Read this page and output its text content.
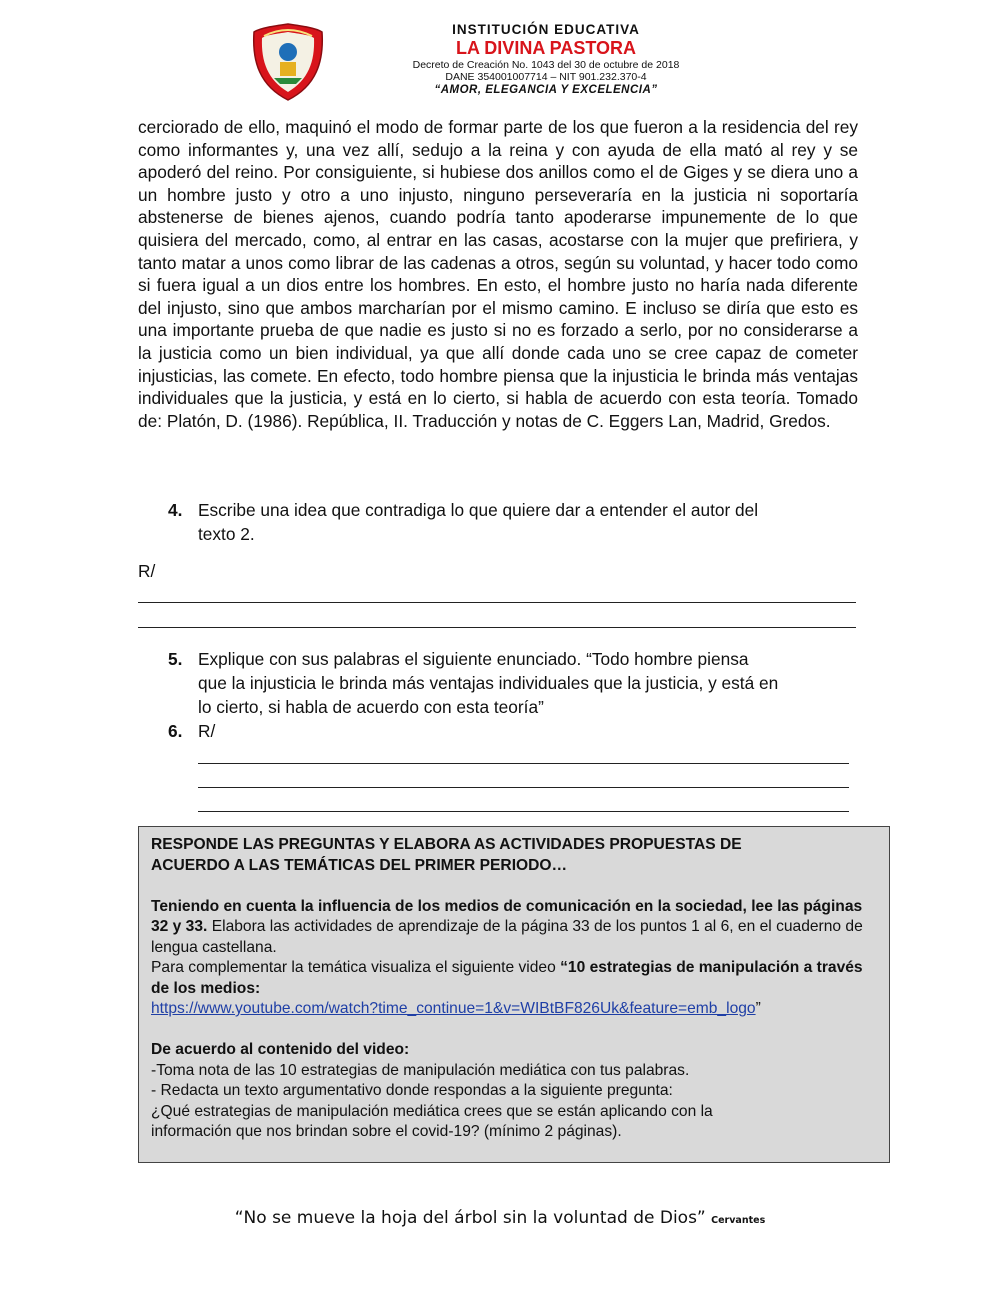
INSTITUCIÓN EDUCATIVA

LA DIVINA PASTORA

Decreto de Creación No. 1043 del 30 de octubre de 2018

DANE 354001007714 – NIT 901.232.370-4

“AMOR, ELEGANCIA Y EXCELENCIA”

cerciorado de ello, maquinó el modo de formar parte de los que fueron a la residencia del rey como informantes y, una vez allí, sedujo a la reina y con ayuda de ella mató al rey y se apoderó del reino. Por consiguiente, si hubiese dos anillos como el de Giges y se diera uno a un hombre justo y otro a uno injusto, ninguno perseveraría en la justicia ni soportaría abstenerse de bienes ajenos, cuando podría tanto apoderarse impunemente de lo que quisiera del mercado, como, al entrar en las casas, acostarse con la mujer que prefiriera, y tanto matar a unos como librar de las cadenas a otros, según su voluntad, y hacer todo como si fuera igual a un dios entre los hombres. En esto, el hombre justo no haría nada diferente del injusto, sino que ambos marcharían por el mismo camino. E incluso se diría que esto es una importante prueba de que nadie es justo si no es forzado a serlo, por no considerarse a la justicia como un bien individual, ya que allí donde cada uno se cree capaz de cometer injusticias, las comete. En efecto, todo hombre piensa que la injusticia le brinda más ventajas individuales que la justicia, y está en lo cierto, si habla de acuerdo con esta teoría. Tomado de: Platón, D. (1986). República, II. Traducción y notas de C. Eggers Lan, Madrid, Gredos.

4. Escribe una idea que contradiga lo que quiere dar a entender el autor del
texto 2.
R/
5. Explique con sus palabras el siguiente enunciado. “Todo hombre piensa
que la injusticia le brinda más ventajas individuales que la justicia, y está en
lo cierto, si habla de acuerdo con esta teoría”
6. R/

RESPONDE LAS PREGUNTAS Y ELABORA AS ACTIVIDADES PROPUESTAS DE

ACUERDO A LAS TEMÁTICAS DEL PRIMER PERIODO…

Teniendo en cuenta la influencia de los medios de comunicación en la sociedad, lee las páginas 32 y 33. Elabora las actividades de aprendizaje de la página 33 de los puntos 1 al 6, en el cuaderno de lengua castellana.

Para complementar la temática visualiza el siguiente video “10 estrategias de manipulación a través de los medios:

https://www.youtube.com/watch?time_continue=1&v=WIBtBF826Uk&feature=emb_logo”

De acuerdo al contenido del video:

-Toma nota de las 10 estrategias de manipulación mediática con tus palabras.

- Redacta un texto argumentativo donde respondas a la siguiente pregunta:

¿Qué estrategias de manipulación mediática crees que se están aplicando con la

información que nos brindan sobre el covid-19? (mínimo 2 páginas).

“No se mueve la hoja del árbol sin la voluntad de Dios” Cervantes
